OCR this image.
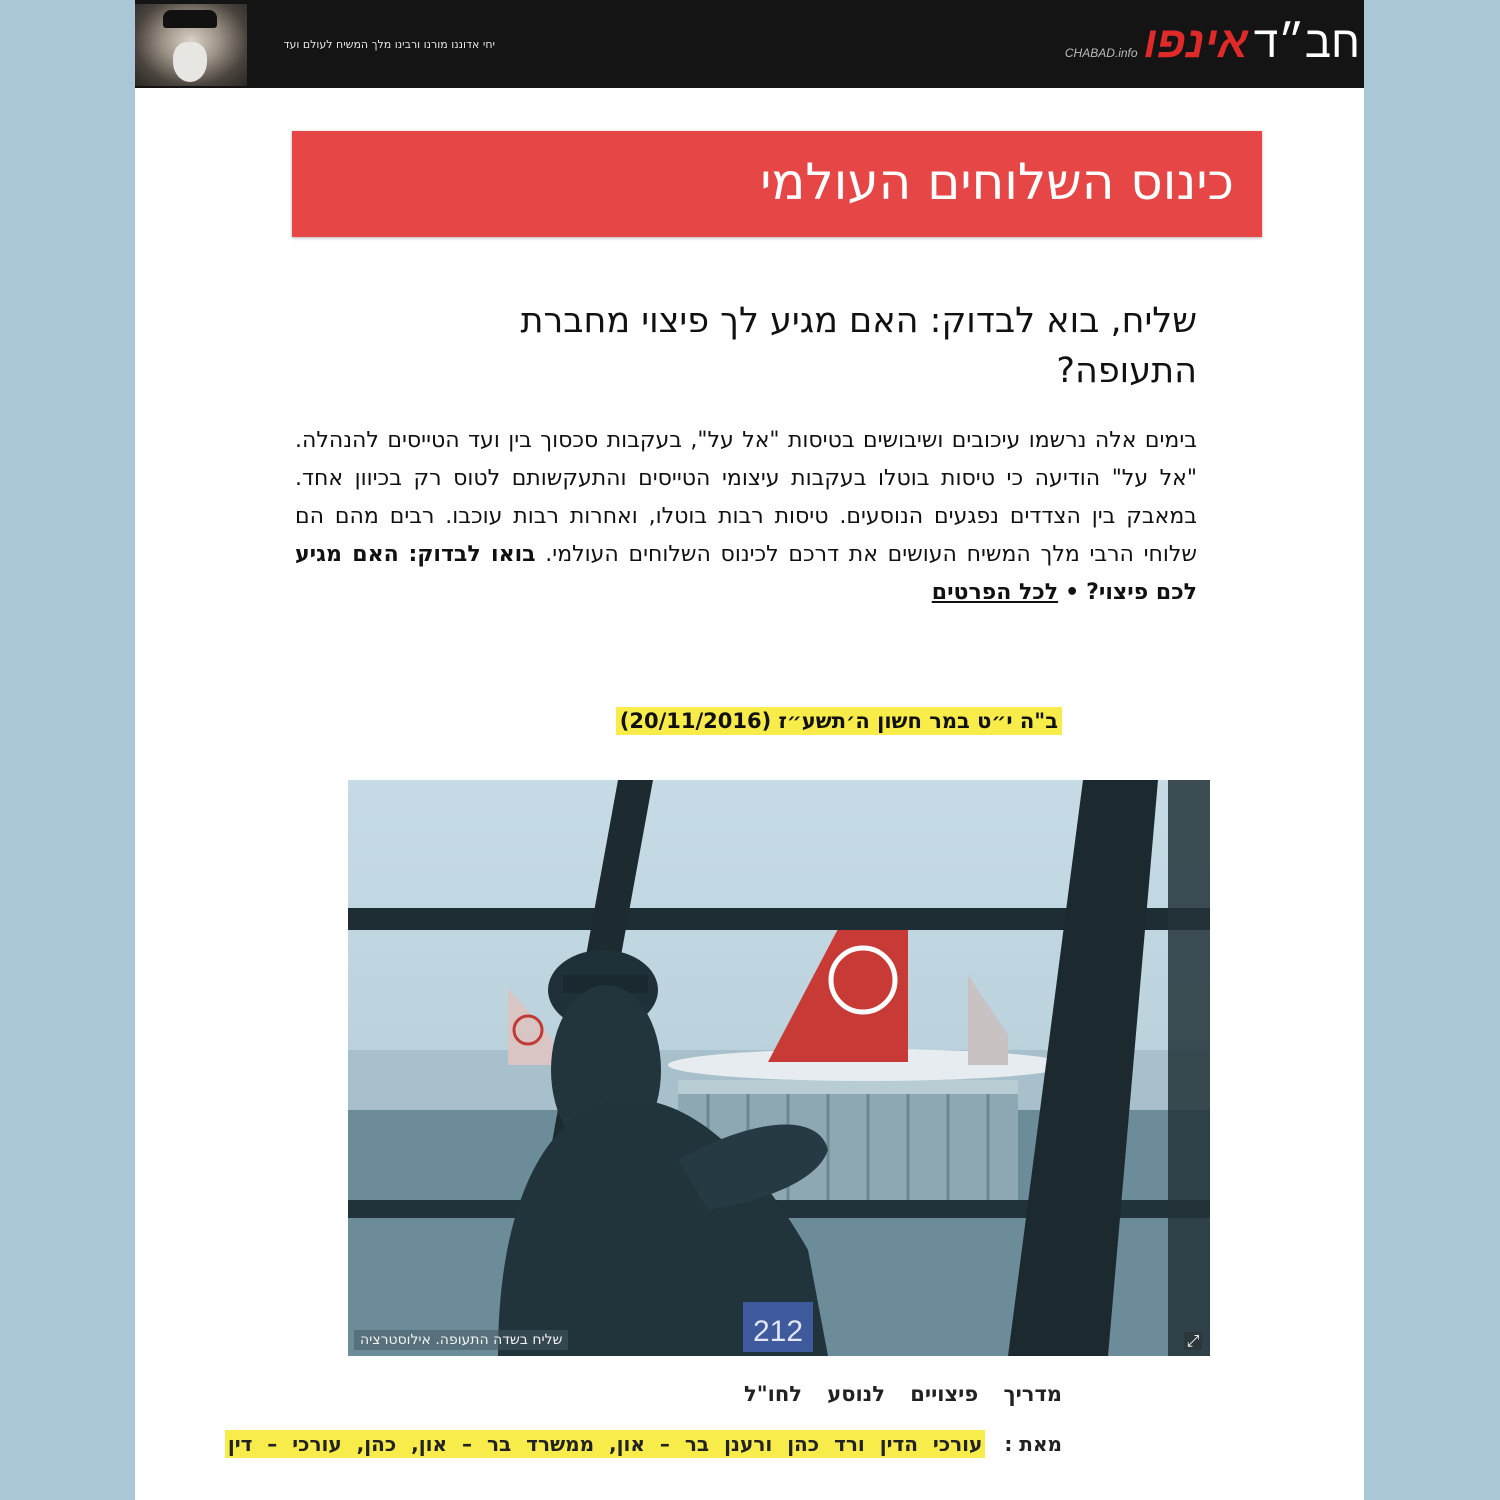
יחי אדוננו מורנו ורבינו מלך המשיח לעולם ועד	חב״ד
אינפו
CHABAD.info
כינוס השלוחים העולמי
שליח, בוא לבדוק: האם מגיע לך פיצוי מחברת התעופה?
בימים אלה נרשמו עיכובים ושיבושים בטיסות "אל על", בעקבות סכסוך בין ועד הטייסים להנהלה. "אל על" הודיעה כי טיסות בוטלו בעקבות עיצומי הטייסים והתעקשותם לטוס רק בכיוון אחד. במאבק בין הצדדים נפגעים הנוסעים. טיסות רבות בוטלו, ואחרות רבות עוכבו. רבים מהם הם שלוחי הרבי מלך המשיח העושים את דרכם לכינוס השלוחים העולמי. בואו לבדוק: האם מגיע לכם פיצוי? • לכל הפרטים
ב"ה י״ט במר חשון ה׳תשע״ז (20/11/2016)
212
שליח בשדה התעופה. אילוסטרציה	⤢
מדריך פיצויים לנוסע לחו"ל
מאת : עורכי הדין ורד כהן ורענן בר – און, ממשרד בר – און, כהן, עורכי – דין
